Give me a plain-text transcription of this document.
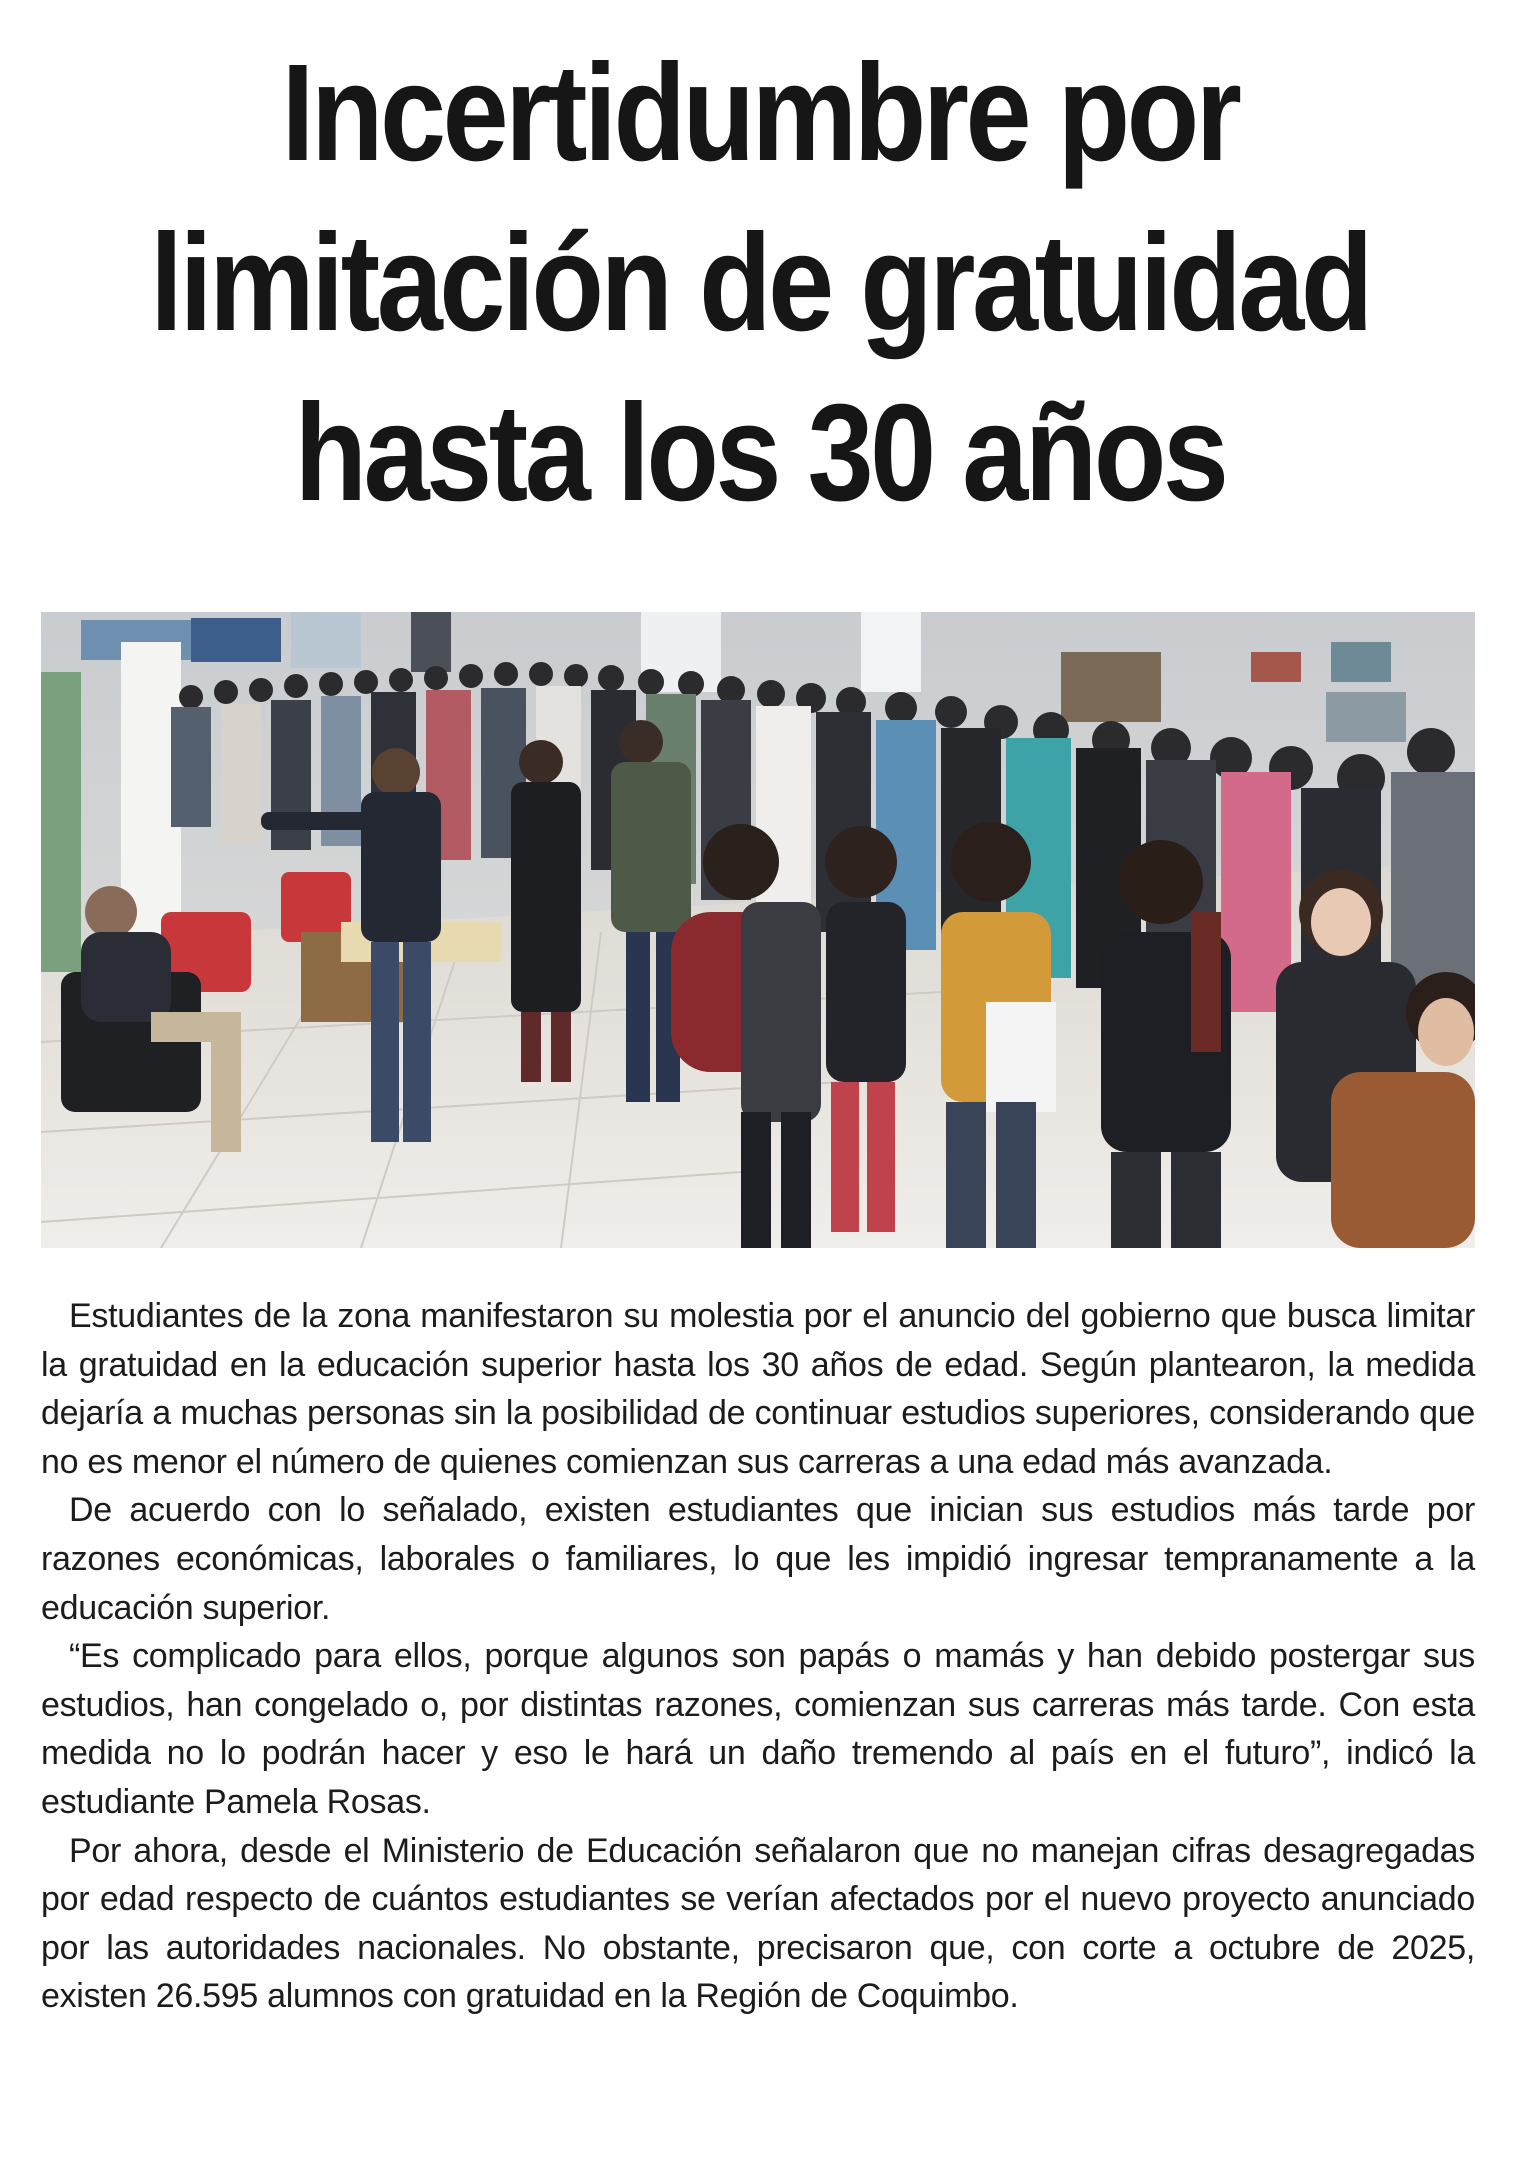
Incertidumbre por
limitación de gratuidad
hasta los 30 años

Estudiantes de la zona manifestaron su molestia por el anuncio del gobierno que busca limitar la gratuidad en la educación superior hasta los 30 años de edad. Según plantearon, la medida dejaría a muchas personas sin la posibilidad de continuar estudios superiores, considerando que no es menor el número de quienes comienzan sus carreras a una edad más avanzada.

De acuerdo con lo señalado, existen estudiantes que inician sus estudios más tarde por razones económicas, laborales o familiares, lo que les impidió ingresar tempranamente a la educación superior.

“Es complicado para ellos, porque algunos son papás o mamás y han debido postergar sus estudios, han congelado o, por distintas razones, comienzan sus carreras más tarde. Con esta medida no lo podrán hacer y eso le hará un daño tremendo al país en el futuro”, indicó la estudiante Pamela Rosas.

Por ahora, desde el Ministerio de Educación señalaron que no manejan cifras desagregadas por edad respecto de cuántos estudiantes se verían afectados por el nuevo proyecto anunciado por las autoridades nacionales. No obstante, precisaron que, con corte a octubre de 2025, existen 26.595 alumnos con gratuidad en la Región de Coquimbo.
